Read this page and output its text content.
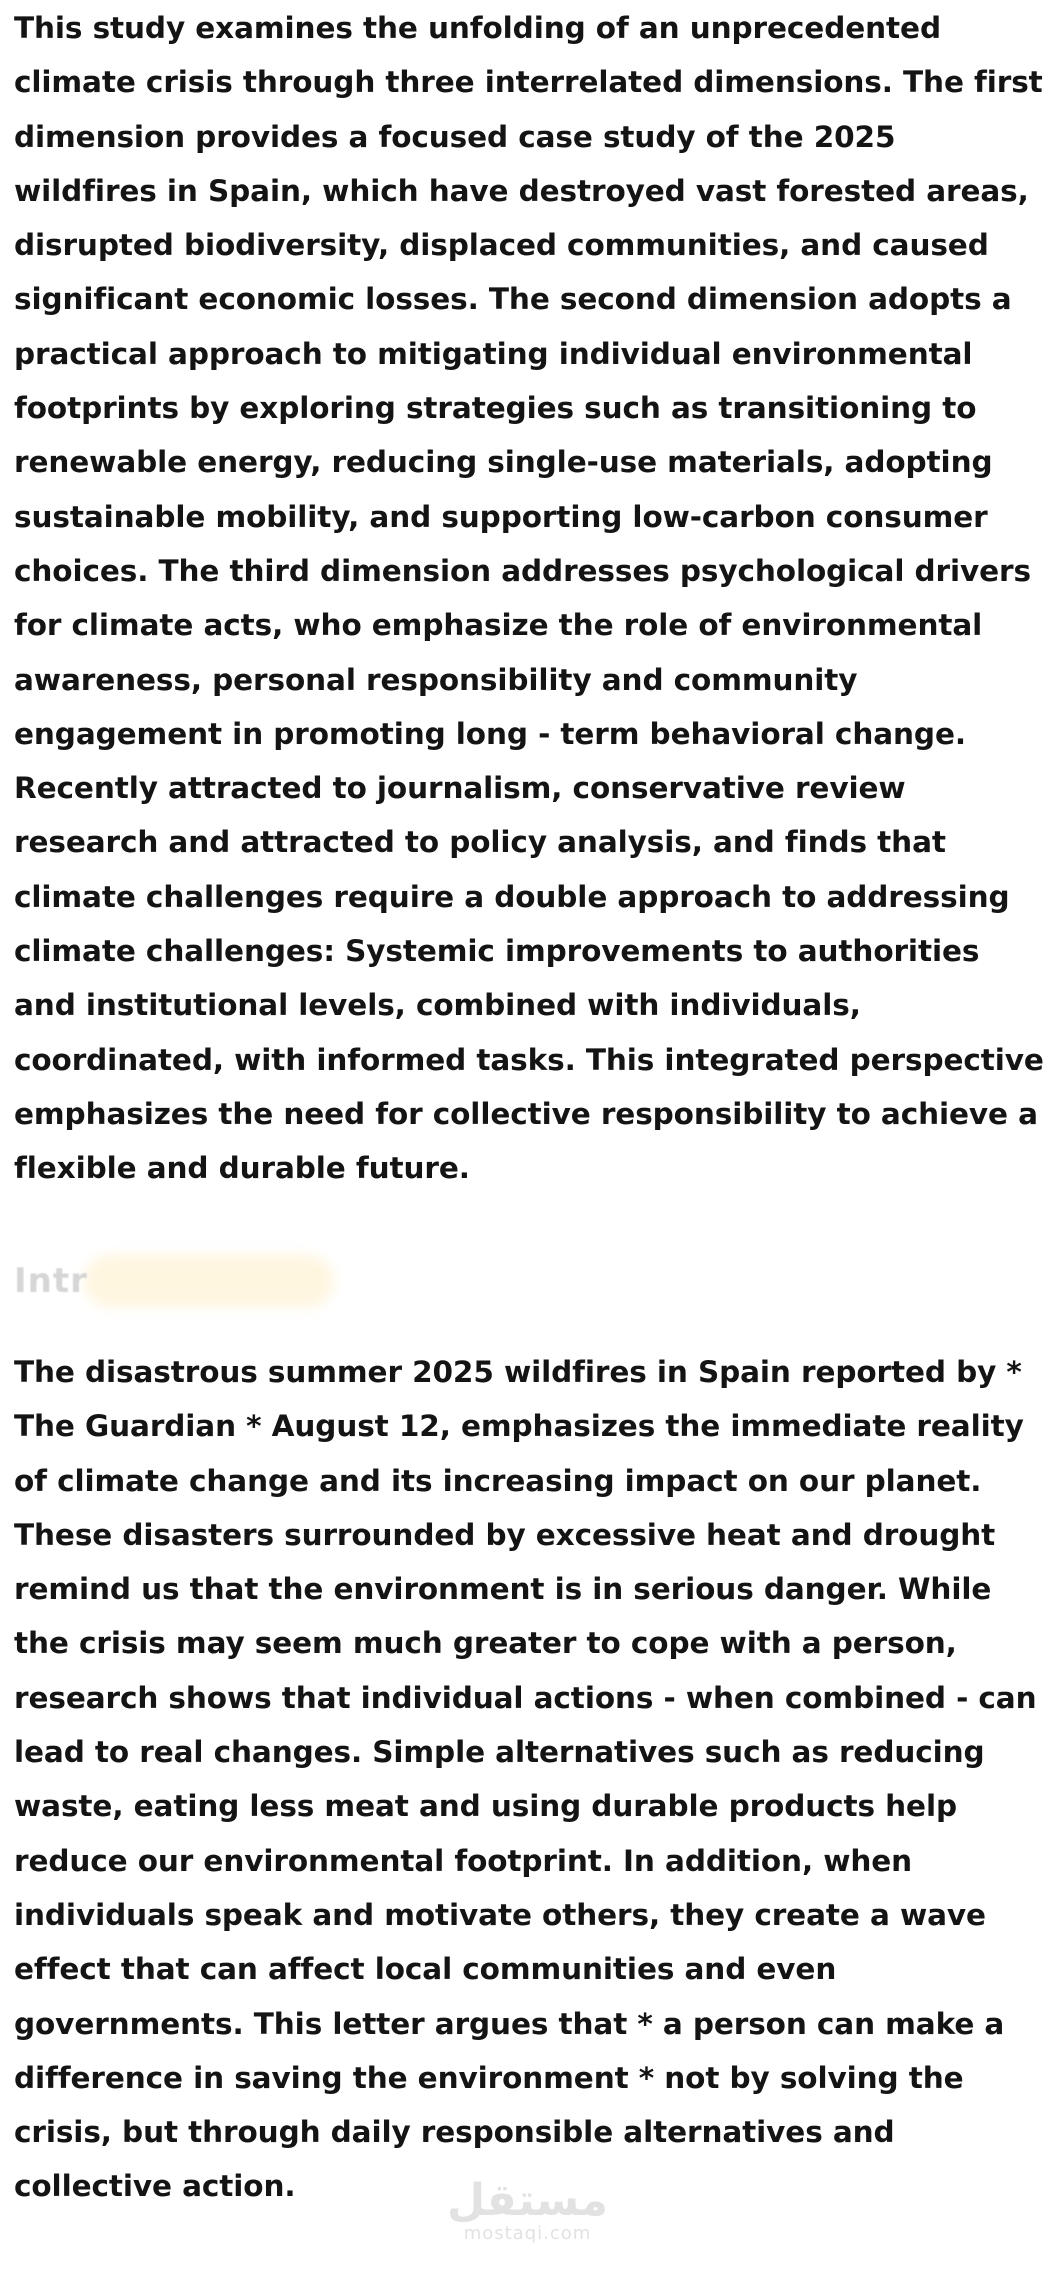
This study examines the unfolding of an unprecedented climate crisis through three interrelated dimensions. The first dimension provides a focused case study of the 2025 wildfires in Spain, which have destroyed vast forested areas, disrupted biodiversity, displaced communities, and caused significant economic losses. The second dimension adopts a practical approach to mitigating individual environmental footprints by exploring strategies such as transitioning to renewable energy, reducing single-use materials, adopting sustainable mobility, and supporting low-carbon consumer choices. The third dimension addresses psychological drivers for climate acts, who emphasize the role of environmental awareness, personal responsibility and community engagement in promoting long - term behavioral change. Recently attracted to journalism, conservative review research and attracted to policy analysis, and finds that climate challenges require a double approach to addressing climate challenges: Systemic improvements to authorities and institutional levels, combined with individuals, coordinated, with informed tasks. This integrated perspective emphasizes the need for collective responsibility to achieve a flexible and durable future.

Intr

The disastrous summer 2025 wildfires in Spain reported by * The Guardian * August 12, emphasizes the immediate reality of climate change and its increasing impact on our planet. These disasters surrounded by excessive heat and drought remind us that the environment is in serious danger. While the crisis may seem much greater to cope with a person, research shows that individual actions - when combined - can lead to real changes. Simple alternatives such as reducing waste, eating less meat and using durable products help reduce our environmental footprint. In addition, when individuals speak and motivate others, they create a wave effect that can affect local communities and even governments. This letter argues that * a person can make a difference in saving the environment * not by solving the crisis, but through daily responsible alternatives and collective action.	مستقل
mostaqi.com
